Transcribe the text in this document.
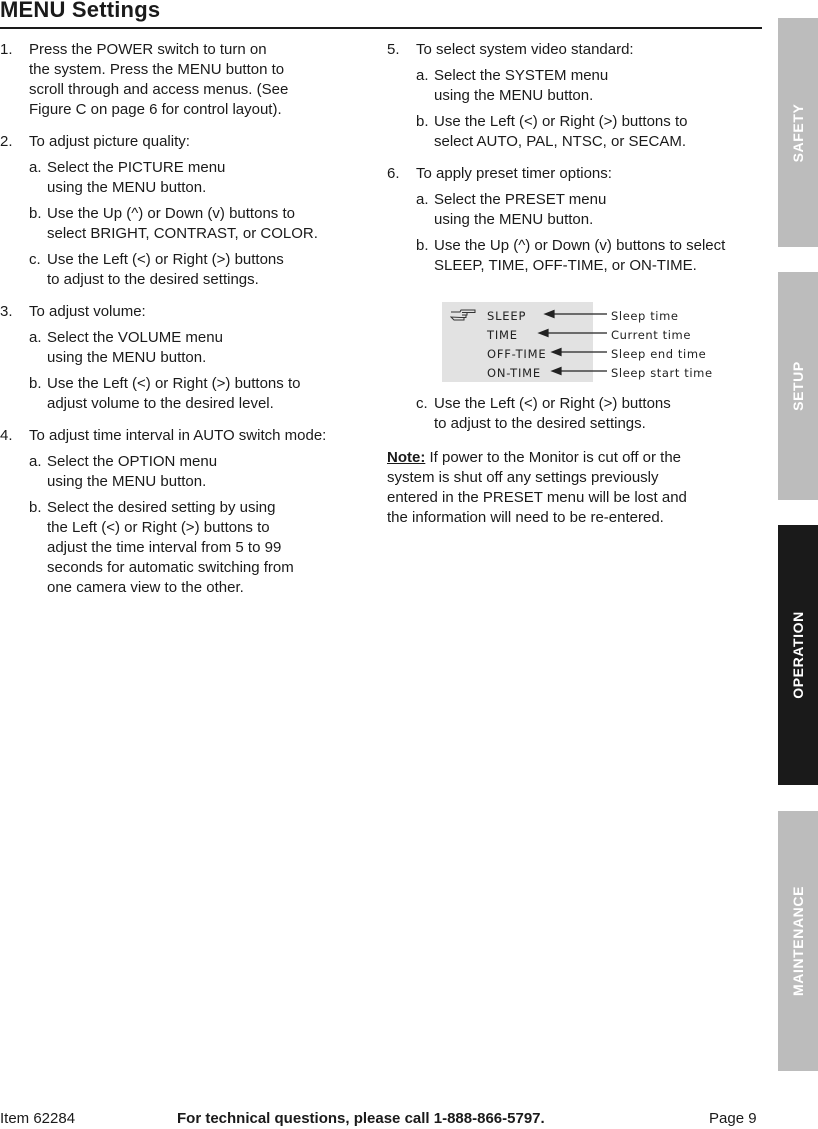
MENU Settings
1. Press the POWER switch to turn on
the system. Press the MENU button to
scroll through and access menus. (See
Figure C on page 6 for control layout).
2. To adjust picture quality:
a. Select the PICTURE menu
using the MENU button.
b. Use the Up (^) or Down (v) buttons to
select BRIGHT, CONTRAST, or COLOR.
c. Use the Left (<) or Right (>) buttons
to adjust to the desired settings.
3. To adjust volume:
a. Select the VOLUME menu
using the MENU button.
b. Use the Left (<) or Right (>) buttons to
adjust volume to the desired level.
4. To adjust time interval in AUTO switch mode:
a. Select the OPTION menu
using the MENU button.
b. Select the desired setting by using
the Left (<) or Right (>) buttons to
adjust the time interval from 5 to 99
seconds for automatic switching from
one camera view to the other.
5. To select system video standard:
a. Select the SYSTEM menu
using the MENU button.
b. Use the Left (<) or Right (>) buttons to
select AUTO, PAL, NTSC, or SECAM.
6. To apply preset timer options:
a. Select the PRESET menu
using the MENU button.
b. Use the Up (^) or Down (v) buttons to select
SLEEP, TIME, OFF-TIME, or ON-TIME.
SLEEP
TIME
OFF-TIME
ON-TIME
Sleep time
Current time
Sleep end time
Sleep start time
c. Use the Left (<) or Right (>) buttons
to adjust to the desired settings.
Note: If power to the Monitor is cut off or the
system is shut off any settings previously
entered in the PRESET menu will be lost and
the information will need to be re-entered.
SAFETY
SETUP
OPERATION
MAINTENANCE
Item 62284	For technical questions, please call 1-888-866-5797.	Page 9
